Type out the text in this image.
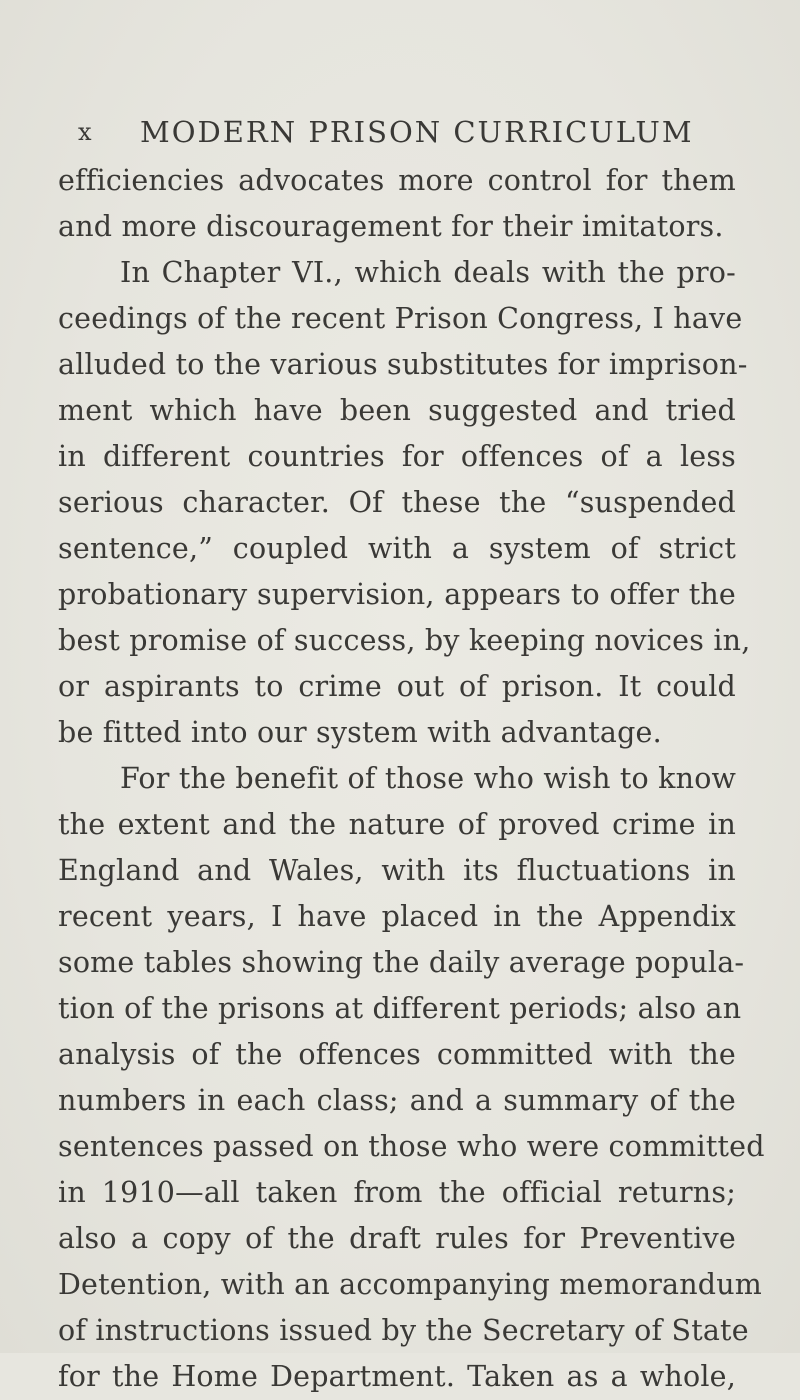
x MODERN PRISON CURRICULUM
efficiencies advocates more control for them
and more discouragement for their imitators.
In Chapter VI., which deals with the pro-
ceedings of the recent Prison Congress, I have
alluded to the various substitutes for imprison-
ment which have been suggested and tried
in different countries for offences of a less
serious character. Of these the “suspended
sentence,” coupled with a system of strict
probationary supervision, appears to offer the
best promise of success, by keeping novices in,
or aspirants to crime out of prison. It could
be fitted into our system with advantage.
For the benefit of those who wish to know
the extent and the nature of proved crime in
England and Wales, with its fluctuations in
recent years, I have placed in the Appendix
some tables showing the daily average popula-
tion of the prisons at different periods; also an
analysis of the offences committed with the
numbers in each class; and a summary of the
sentences passed on those who were committed
in 1910—all taken from the official returns;
also a copy of the draft rules for Preventive
Detention, with an accompanying memorandum
of instructions issued by the Secretary of State
for the Home Department. Taken as a whole,
